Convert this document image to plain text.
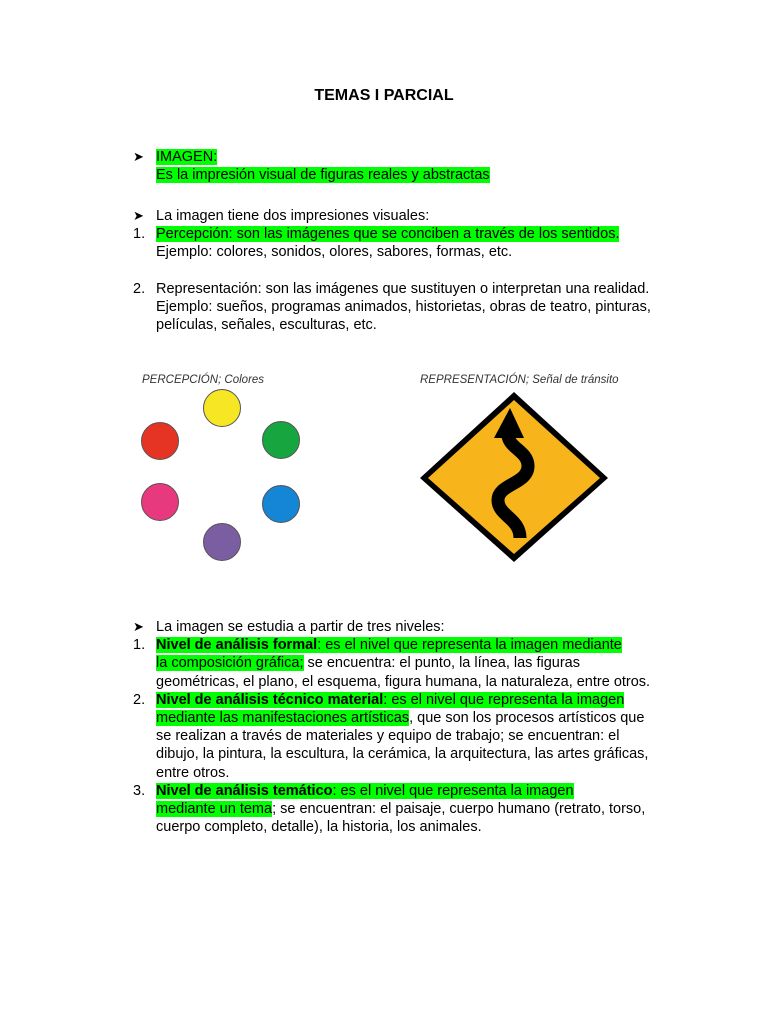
TEMAS I PARCIAL
➤ IMAGEN:
Es la impresión visual de figuras reales y abstractas
➤ La imagen tiene dos impresiones visuales:
1. Percepción: son las imágenes que se conciben a través de los sentidos.
Ejemplo: colores, sonidos, olores, sabores, formas, etc.
2. Representación: son las imágenes que sustituyen o interpretan una realidad. Ejemplo: sueños, programas animados, historietas, obras de teatro, pinturas, películas, señales, esculturas, etc.
PERCEPCIÓN; Colores	REPRESENTACIÓN; Señal de tránsito
➤ La imagen se estudia a partir de tres niveles:
1. Nivel de análisis formal: es el nivel que representa la imagen mediante
la composición gráfica; se encuentra: el punto, la línea, las figuras geométricas, el plano, el esquema, figura humana, la naturaleza, entre otros.
2. Nivel de análisis técnico material: es el nivel que representa la imagen
mediante las manifestaciones artísticas, que son los procesos artísticos que se realizan a través de materiales y equipo de trabajo; se encuentran: el dibujo, la pintura, la escultura, la cerámica, la arquitectura, las artes gráficas, entre otros.
3. Nivel de análisis temático: es el nivel que representa la imagen
mediante un tema; se encuentran: el paisaje, cuerpo humano (retrato, torso, cuerpo completo, detalle), la historia, los animales.
